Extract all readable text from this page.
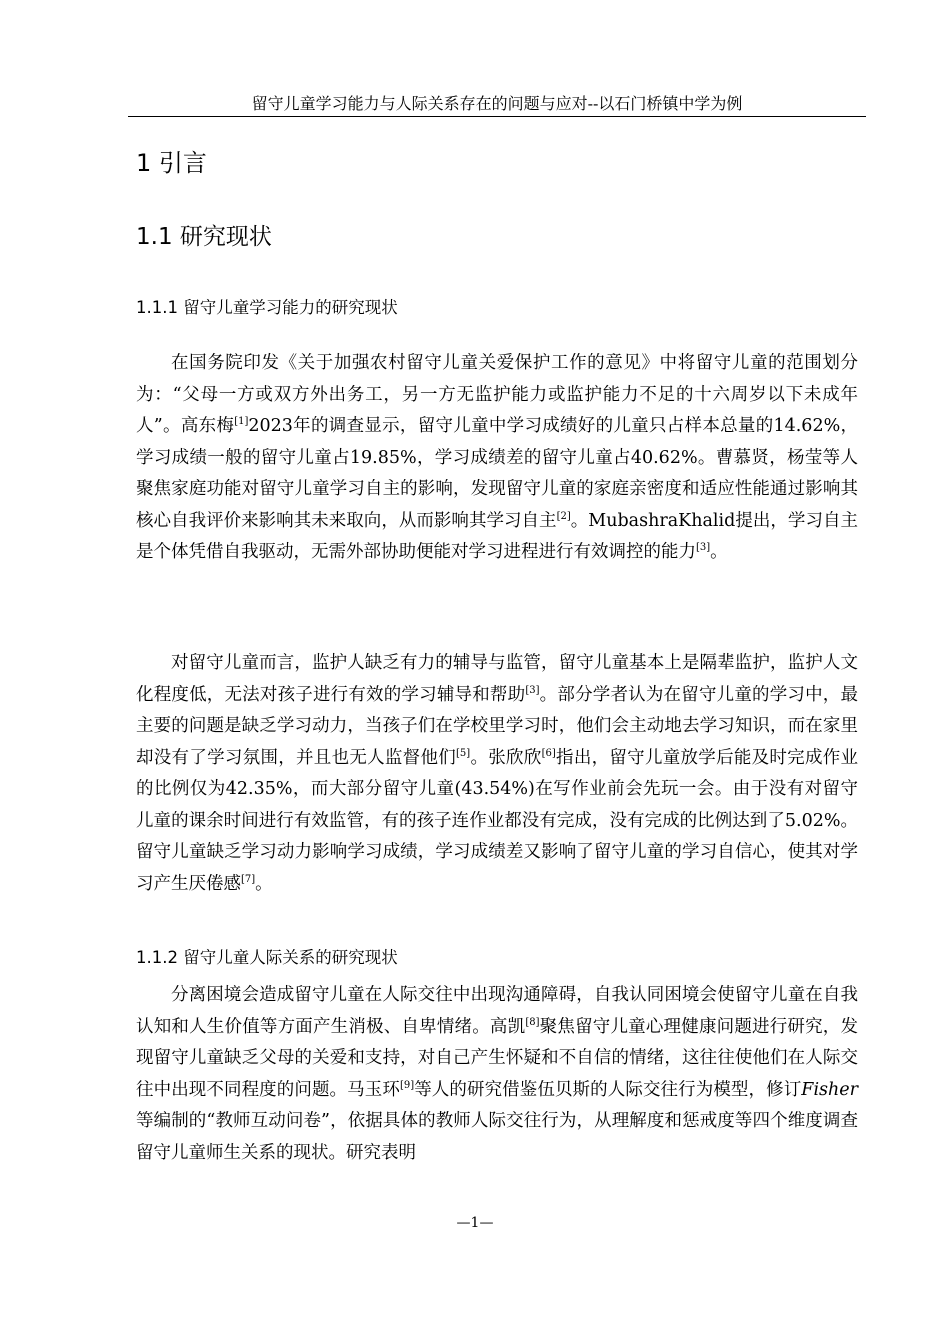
留守儿童学习能力与人际关系存在的问题与应对--以石门桥镇中学为例
1 引言
1.1 研究现状
1.1.1 留守儿童学习能力的研究现状

在国务院印发《关于加强农村留守儿童关爱保护工作的意见》中将留守儿童的范围划分为：“父母一方或双方外出务工，另一方无监护能力或监护能力不足的十六周岁以下未成年人”。高东梅[1]2023年的调查显示，留守儿童中学习成绩好的儿童只占样本总量的14.62%，学习成绩一般的留守儿童占19.85%，学习成绩差的留守儿童占40.62%。曹慕贤，杨莹等人聚焦家庭功能对留守儿童学习自主的影响，发现留守儿童的家庭亲密度和适应性能通过影响其核心自我评价来影响其未来取向，从而影响其学习自主[2]。MubashraKhalid提出，学习自主是个体凭借自我驱动，无需外部协助便能对学习进程进行有效调控的能力[3]。

对留守儿童而言，监护人缺乏有力的辅导与监管，留守儿童基本上是隔辈监护，监护人文化程度低，无法对孩子进行有效的学习辅导和帮助[3]。部分学者认为在留守儿童的学习中，最主要的问题是缺乏学习动力，当孩子们在学校里学习时，他们会主动地去学习知识，而在家里却没有了学习氛围，并且也无人监督他们[5]。张欣欣[6]指出，留守儿童放学后能及时完成作业的比例仅为42.35%，而大部分留守儿童(43.54%)在写作业前会先玩一会。由于没有对留守儿童的课余时间进行有效监管，有的孩子连作业都没有完成，没有完成的比例达到了5.02%。留守儿童缺乏学习动力影响学习成绩，学习成绩差又影响了留守儿童的学习自信心，使其对学习产生厌倦感[7]。

1.1.2 留守儿童人际关系的研究现状

分离困境会造成留守儿童在人际交往中出现沟通障碍，自我认同困境会使留守儿童在自我认知和人生价值等方面产生消极、自卑情绪。高凯[8]聚焦留守儿童心理健康问题进行研究，发现留守儿童缺乏父母的关爱和支持，对自己产生怀疑和不自信的情绪，这往往使他们在人际交往中出现不同程度的问题。马玉环[9]等人的研究借鉴伍贝斯的人际交往行为模型，修订Fisher等编制的“教师互动问卷”，依据具体的教师人际交往行为，从理解度和惩戒度等四个维度调查留守儿童师生关系的现状。研究表明

—1—
